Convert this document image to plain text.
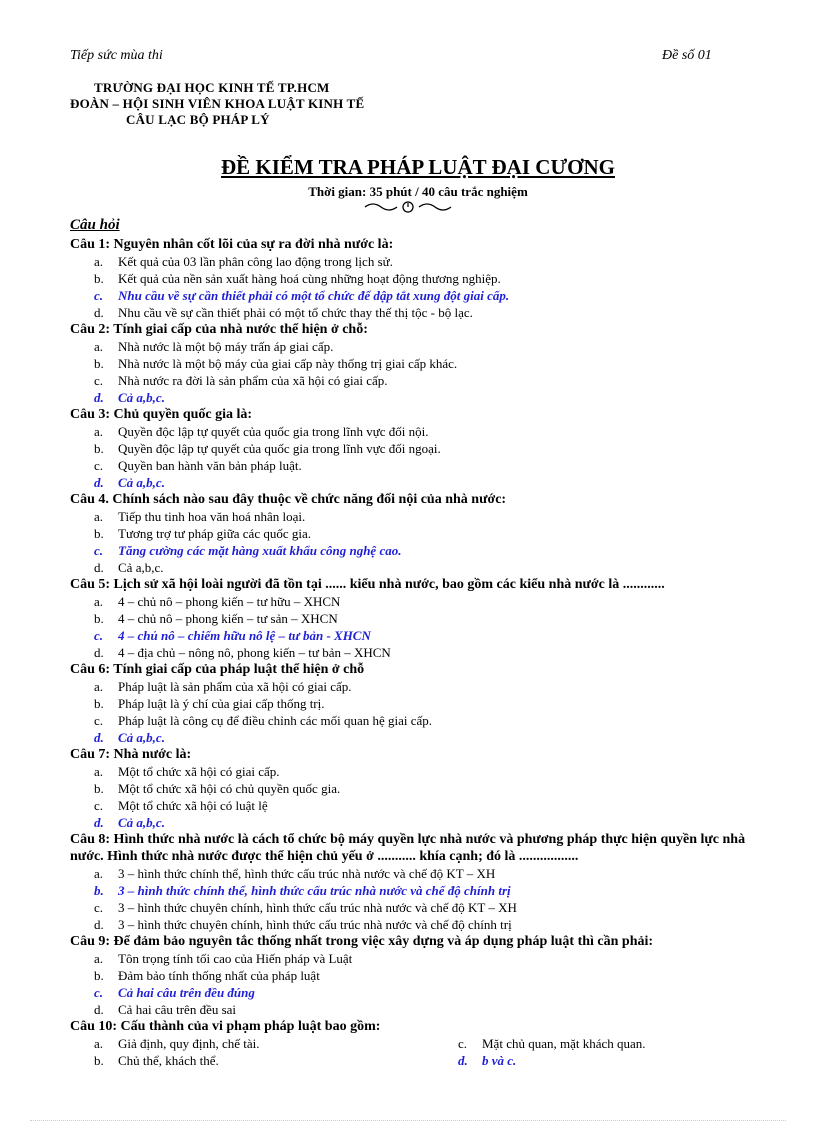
Tiếp sức mùa thi	Đề số 01
TRƯỜNG ĐẠI HỌC KINH TẾ TP.HCM
ĐOÀN – HỘI SINH VIÊN KHOA LUẬT KINH TẾ
CÂU LẠC BỘ PHÁP LÝ
ĐỀ KIỂM TRA PHÁP LUẬT ĐẠI CƯƠNG
Thời gian: 35 phút / 40 câu trắc nghiệm
Câu hỏi
Câu 1: Nguyên nhân cốt lõi của sự ra đời nhà nước là:
a. Kết quả của 03 lần phân công lao động trong lịch sử.
b. Kết quả của nền sản xuất hàng hoá cùng những hoạt động thương nghiệp.
c. Nhu cầu về sự cần thiết phải có một tổ chức để dập tắt xung đột giai cấp.
d. Nhu cầu về sự cần thiết phải có một tổ chức thay thế thị tộc - bộ lạc.
Câu 2: Tính giai cấp của nhà nước thể hiện ở chỗ:
a. Nhà nước là một bộ máy trấn áp giai cấp.
b. Nhà nước là một bộ máy của giai cấp này thống trị giai cấp khác.
c. Nhà nước ra đời là sản phẩm của xã hội có giai cấp.
d. Cả a,b,c.
Câu 3: Chủ quyền quốc gia là:
a. Quyền độc lập tự quyết của quốc gia trong lĩnh vực đối nội.
b. Quyền độc lập tự quyết của quốc gia trong lĩnh vực đối ngoại.
c. Quyền ban hành văn bản pháp luật.
d. Cả a,b,c.
Câu 4. Chính sách nào sau đây thuộc về chức năng đối nội của nhà nước:
a. Tiếp thu tinh hoa văn hoá nhân loại.
b. Tương trợ tư pháp giữa các quốc gia.
c. Tăng cường các mặt hàng xuất khẩu công nghệ cao.
d. Cả a,b,c.
Câu 5: Lịch sử xã hội loài người đã tồn tại ...... kiểu nhà nước, bao gồm các kiểu nhà nước là ............
a. 4 – chủ nô – phong kiến – tư hữu – XHCN
b. 4 – chủ nô – phong kiến – tư sản – XHCN
c. 4 – chủ nô – chiếm hữu nô lệ – tư bản - XHCN
d. 4 – địa chủ – nông nô, phong kiến – tư bản – XHCN
Câu 6: Tính giai cấp của pháp luật thể hiện ở chỗ
a. Pháp luật là sản phẩm của xã hội có giai cấp.
b. Pháp luật là ý chí của giai cấp thống trị.
c. Pháp luật là công cụ để điều chỉnh các mối quan hệ giai cấp.
d. Cả a,b,c.
Câu 7: Nhà nước là:
a. Một tổ chức xã hội có giai cấp.
b. Một tổ chức xã hội có chủ quyền quốc gia.
c. Một tổ chức xã hội có luật lệ
d. Cả a,b,c.
Câu 8: Hình thức nhà nước là cách tổ chức bộ máy quyền lực nhà nước và phương pháp thực hiện quyền lực nhà nước. Hình thức nhà nước được thể hiện chủ yếu ở ........... khía cạnh; đó là .................
a. 3 – hình thức chính thể, hình thức cấu trúc nhà nước và chế độ KT – XH
b. 3 – hình thức chính thể, hình thức cấu trúc nhà nước và chế độ chính trị
c. 3 – hình thức chuyên chính, hình thức cấu trúc nhà nước và chế độ KT – XH
d. 3 – hình thức chuyên chính, hình thức cấu trúc nhà nước và chế độ chính trị
Câu 9: Để đảm bảo nguyên tắc thống nhất trong việc xây dựng và áp dụng pháp luật thì cần phải:
a. Tôn trọng tính tối cao của Hiến pháp và Luật
b. Đảm bảo tính thống nhất của pháp luật
c. Cả hai câu trên đều đúng
d. Cả hai câu trên đều sai
Câu 10: Cấu thành của vi phạm pháp luật bao gồm:
a. Giả định, quy định, chế tài.
b. Chủ thể, khách thể.
c. Mặt chủ quan, mặt khách quan.
d. b và c.
